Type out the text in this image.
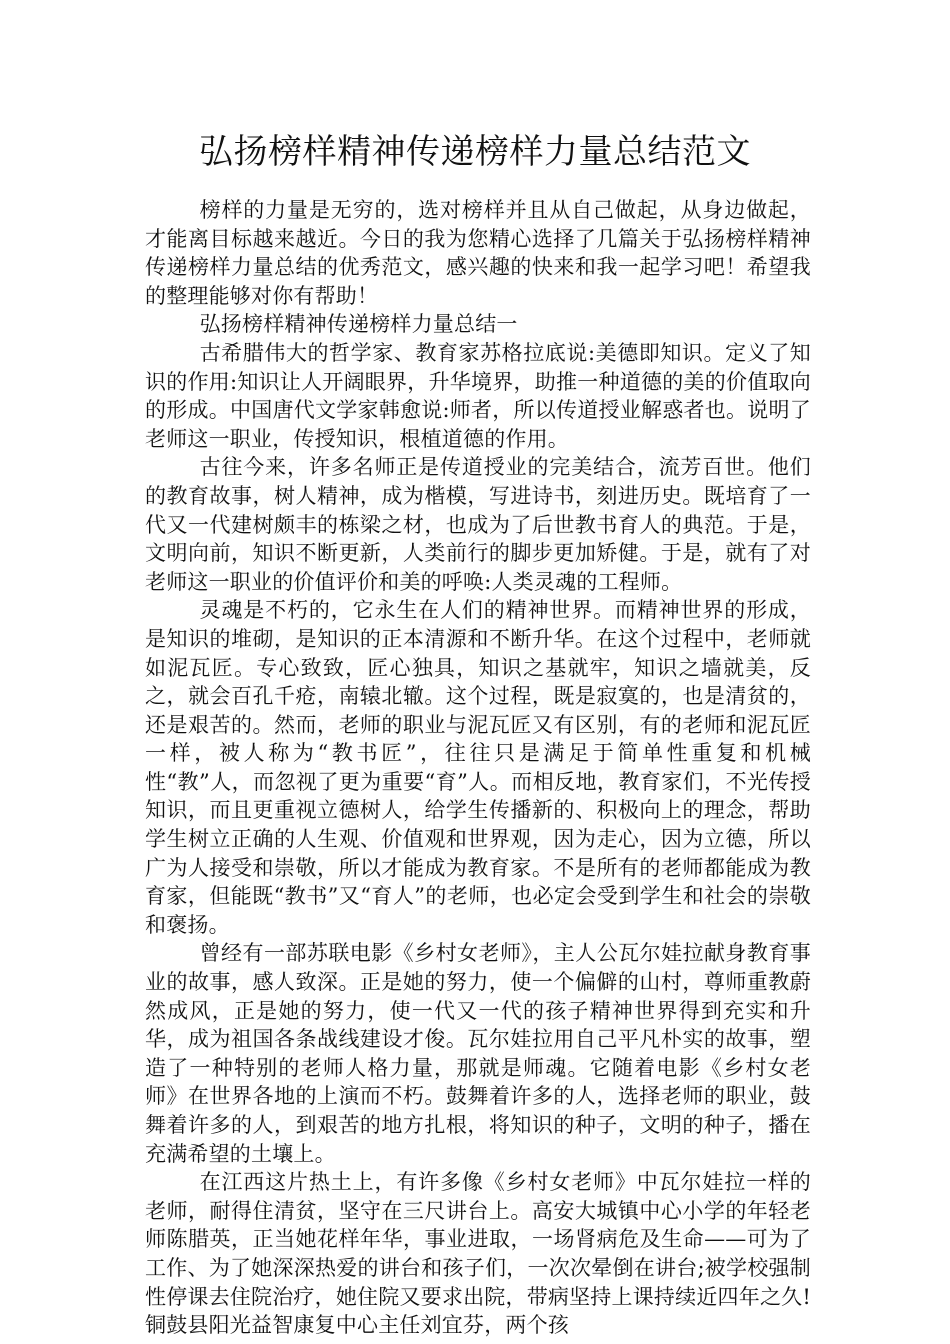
弘扬榜样精神传递榜样力量总结范文

榜样的力量是无穷的，选对榜样并且从自己做起，从身边做起，才能离目标越来越近。今日的我为您精心选择了几篇关于弘扬榜样精神传递榜样力量总结的优秀范文，感兴趣的快来和我一起学习吧！希望我的整理能够对你有帮助！

弘扬榜样精神传递榜样力量总结一

古希腊伟大的哲学家、教育家苏格拉底说:美德即知识。定义了知识的作用:知识让人开阔眼界，升华境界，助推一种道德的美的价值取向的形成。中国唐代文学家韩愈说:师者，所以传道授业解惑者也。说明了老师这一职业，传授知识，根植道德的作用。

古往今来，许多名师正是传道授业的完美结合，流芳百世。他们的教育故事，树人精神，成为楷模，写进诗书，刻进历史。既培育了一代又一代建树颇丰的栋梁之材，也成为了后世教书育人的典范。于是，文明向前，知识不断更新，人类前行的脚步更加矫健。于是，就有了对老师这一职业的价值评价和美的呼唤:人类灵魂的工程师。

灵魂是不朽的，它永生在人们的精神世界。而精神世界的形成，是知识的堆砌，是知识的正本清源和不断升华。在这个过程中，老师就如泥瓦匠。专心致致，匠心独具，知识之基就牢，知识之墙就美，反之，就会百孔千疮，南辕北辙。这个过程，既是寂寞的，也是清贫的，还是艰苦的。然而，老师的职业与泥瓦匠又有区别，有的老师和泥瓦匠一样，被人称为“教书匠”，往往只是满足于简单性重复和机械性“教”人，而忽视了更为重要“育”人。而相反地，教育家们，不光传授知识，而且更重视立德树人，给学生传播新的、积极向上的理念，帮助学生树立正确的人生观、价值观和世界观，因为走心，因为立德，所以广为人接受和崇敬，所以才能成为教育家。不是所有的老师都能成为教育家，但能既“教书”又“育人”的老师，也必定会受到学生和社会的崇敬和褒扬。

曾经有一部苏联电影《乡村女老师》，主人公瓦尔娃拉献身教育事业的故事，感人致深。正是她的努力，使一个偏僻的山村，尊师重教蔚然成风，正是她的努力，使一代又一代的孩子精神世界得到充实和升华，成为祖国各条战线建设才俊。瓦尔娃拉用自己平凡朴实的故事，塑造了一种特别的老师人格力量，那就是师魂。它随着电影《乡村女老师》在世界各地的上演而不朽。鼓舞着许多的人，选择老师的职业，鼓舞着许多的人，到艰苦的地方扎根，将知识的种子，文明的种子，播在充满希望的土壤上。

在江西这片热土上，有许多像《乡村女老师》中瓦尔娃拉一样的老师，耐得住清贫，坚守在三尺讲台上。高安大城镇中心小学的年轻老师陈腊英，正当她花样年华，事业进取，一场肾病危及生命——可为了工作、为了她深深热爱的讲台和孩子们，一次次晕倒在讲台;被学校强制性停课去住院治疗，她住院又要求出院，带病坚持上课持续近四年之久!铜鼓县阳光益智康复中心主任刘宜芬，两个孩
